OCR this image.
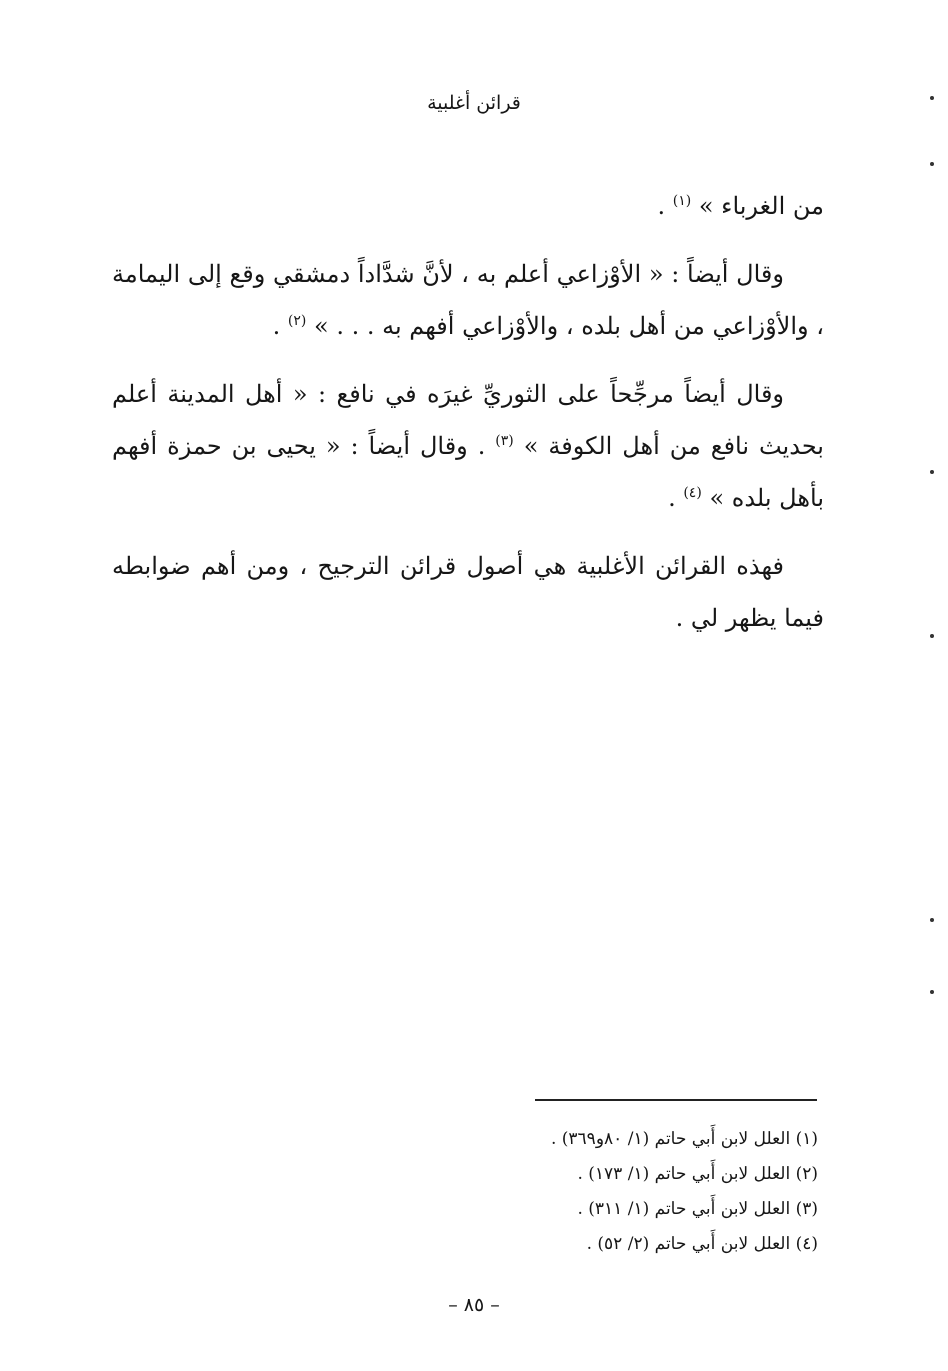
قرائن أغلبية

من الغرباء » $^{(١)}$ .

وقال أيضاً : « الأوْزاعي أعلم به ، لأنَّ شدَّاداً دمشقي وقع إلى اليمامة ، والأوْزاعي من أهل بلده ، والأوْزاعي أفهم به . . . » $^{(٢)}$ .

وقال أيضاً مرجِّحاً على الثوريِّ غيرَه في نافع : « أهل المدينة أعلم بحديث نافع من أهل الكوفة » $^{(٣)}$ . وقال أيضاً : « يحيى بن حمزة أفهم بأهل بلده » $^{(٤)}$ .

فهذه القرائن الأغلبية هي أصول قرائن الترجيح ، ومن أهم ضوابطه فيما يظهر لي .

(١) العلل لابن أَبي حاتم (١/ ٨٠و٣٦٩) .

(٢) العلل لابن أَبي حاتم (١/ ١٧٣) .

(٣) العلل لابن أَبي حاتم (١/ ٣١١) .

(٤) العلل لابن أَبي حاتم (٢/ ٥٢) .

– ٨٥ –
